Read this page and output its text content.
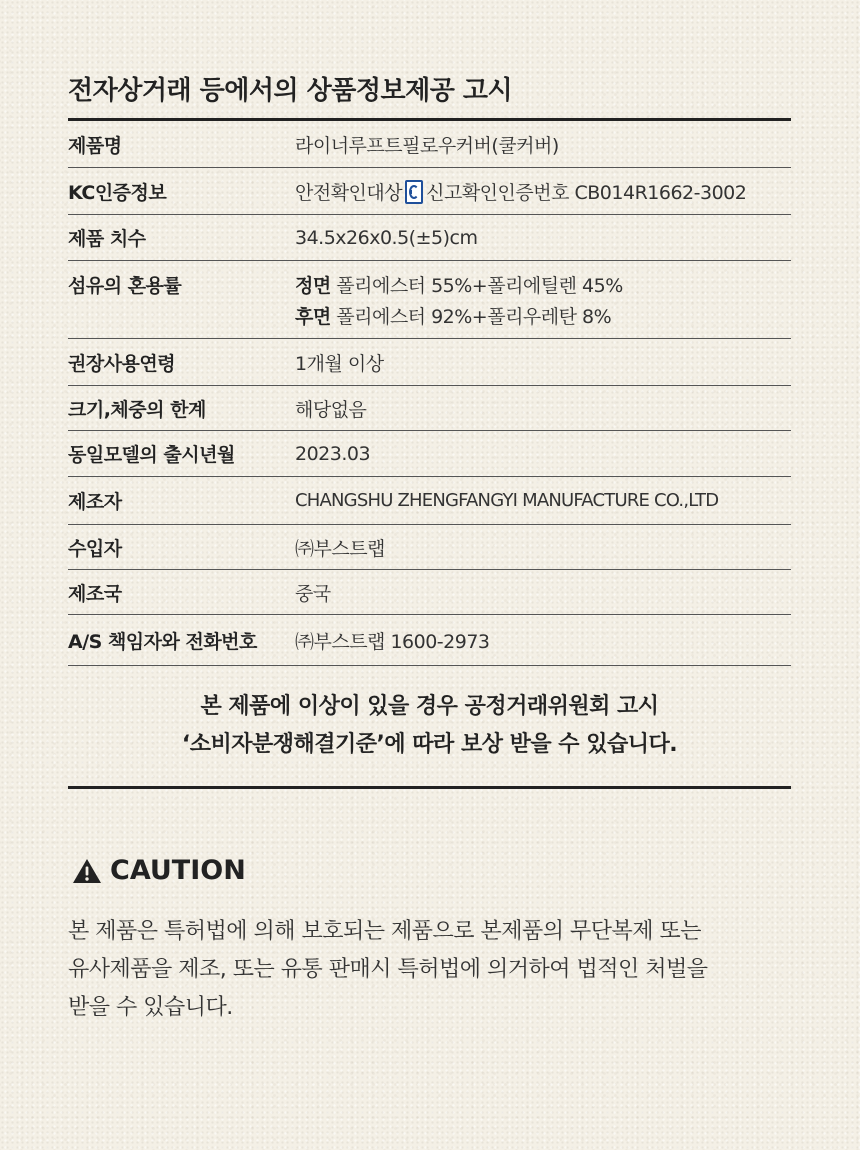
전자상거래 등에서의 상품정보제공 고시
제품명	라이너루프트필로우커버(쿨커버)
KC인증정보	안전확인대상 신고확인인증번호 CB014R1662-3002
제품 치수	34.5x26x0.5(±5)cm
섬유의 혼용률	정면 폴리에스터 55%+폴리에틸렌 45%
후면 폴리에스터 92%+폴리우레탄 8%
권장사용연령	1개월 이상
크기,체중의 한계	해당없음
동일모델의 출시년월	2023.03
제조자	CHANGSHU ZHENGFANGYI MANUFACTURE CO.,LTD
수입자	㈜부스트랩
제조국	중국
A/S 책임자와 전화번호	㈜부스트랩 1600-2973
본 제품에 이상이 있을 경우 공정거래위원회 고시
‘소비자분쟁해결기준’에 따라 보상 받을 수 있습니다.
CAUTION
본 제품은 특허법에 의해 보호되는 제품으로 본제품의 무단복제 또는
유사제품을 제조, 또는 유통 판매시 특허법에 의거하여 법적인 처벌을
받을 수 있습니다.
